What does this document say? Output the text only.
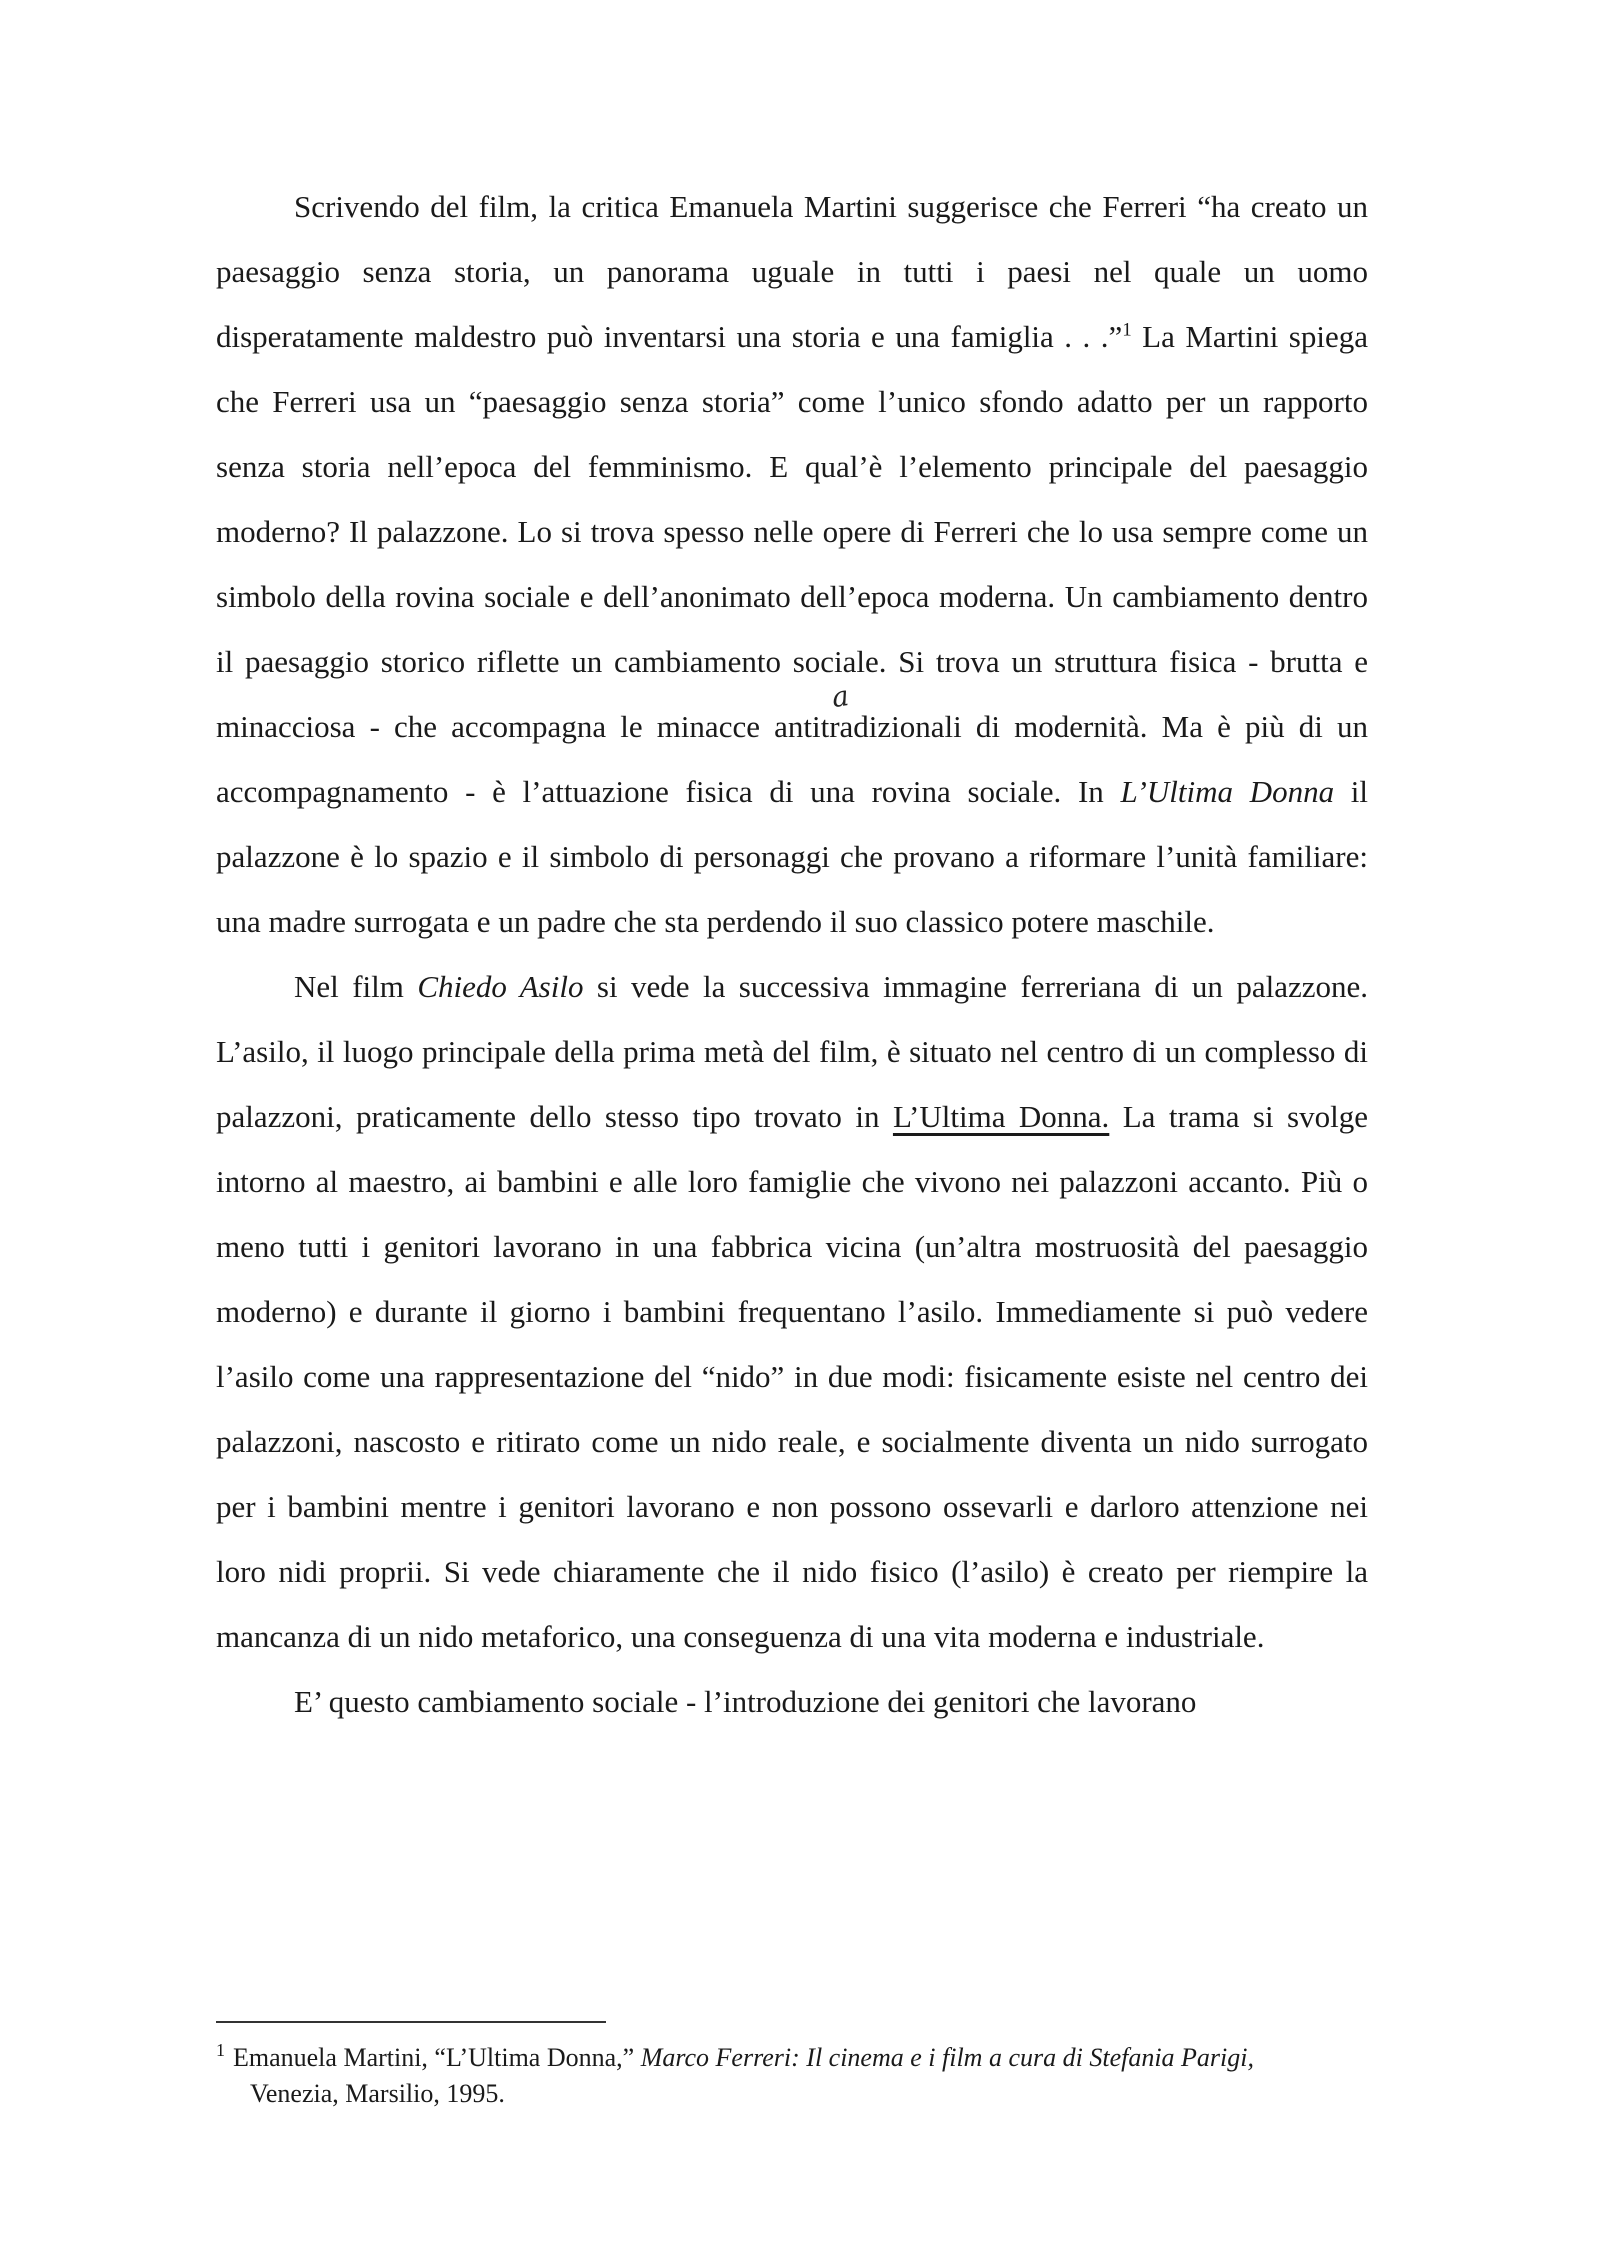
Scrivendo del film, la critica Emanuela Martini suggerisce che Ferreri “ha creato un paesaggio senza storia, un panorama uguale in tutti i paesi nel quale un uomo disperatamente maldestro può inventarsi una storia e una famiglia . . .”$^1$ La Martini spiega che Ferreri usa un “paesaggio senza storia” come l’unico sfondo adatto per un rapporto senza storia nell’epoca del femminismo. E qual’è l’elemento principale del paesaggio moderno? Il palazzone. Lo si trova spesso nelle opere di Ferreri che lo usa sempre come un simbolo della rovina sociale e dell’anonimato dell’epoca moderna. Un cambiamento dentro il paesaggio storico riflette un cambiamento sociale. Si trova un struttura fisica - brutta e minacciosa - che accompagna le minacce antitradizionali di modernità. Ma è più di un accompagnamento - è l’attuazione fisica di una rovina sociale. In L’Ultima Donna il palazzone è lo spazio e il simbolo di personaggi che provano a riformare l’unità familiare: una madre surrogata e un padre che sta perdendo il suo classico potere maschile.

Nel film Chiedo Asilo si vede la successiva immagine ferreriana di un palazzone. L’asilo, il luogo principale della prima metà del film, è situato nel centro di un complesso di palazzoni, praticamente dello stesso tipo trovato in L’Ultima Donna. La trama si svolge intorno al maestro, ai bambini e alle loro famiglie che vivono nei palazzoni accanto. Più o meno tutti i genitori lavorano in una fabbrica vicina (un’altra mostruosità del paesaggio moderno) e durante il giorno i bambini frequentano l’asilo. Immediamente si può vedere l’asilo come una rappresentazione del “nido” in due modi: fisicamente esiste nel centro dei palazzoni, nascosto e ritirato come un nido reale, e socialmente diventa un nido surrogato per i bambini mentre i genitori lavorano e non possono ossevarli e darloro attenzione nei loro nidi proprii. Si vede chiaramente che il nido fisico (l’asilo) è creato per riempire la mancanza di un nido metaforico, una conseguenza di una vita moderna e industriale.

E’ questo cambiamento sociale - l’introduzione dei genitori che lavorano

a
$^1$ Emanuela Martini, “L’Ultima Donna,” Marco Ferreri: Il cinema e i film a cura di Stefania Parigi,
Venezia, Marsilio, 1995.
